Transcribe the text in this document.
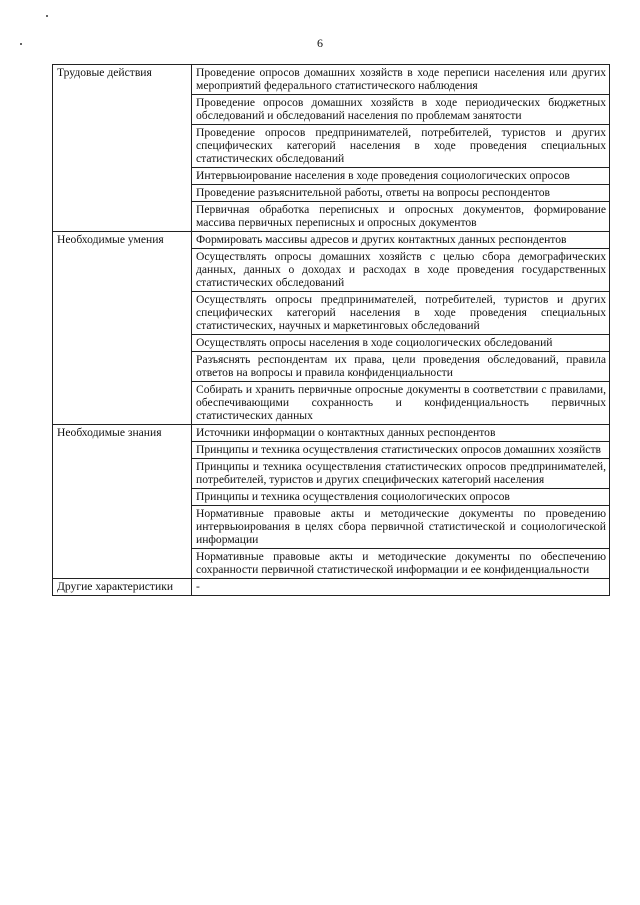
6
Трудовые действия	Проведение опросов домашних хозяйств в ходе переписи населения или других мероприятий федерального статистического наблюдения

	Проведение опросов домашних хозяйств в ходе периодических бюджетных обследований и обследований населения по проблемам занятости

	Проведение опросов предпринимателей, потребителей, туристов и других специфических категорий населения в ходе проведения специальных статистических обследований

	Интервьюирование населения в ходе проведения социологических опросов

	Проведение разъяснительной работы, ответы на вопросы респондентов

	Первичная обработка переписных и опросных документов, формирование массива первичных переписных и опросных документов

Необходимые умения	Формировать массивы адресов и других контактных данных респондентов

	Осуществлять опросы домашних хозяйств с целью сбора демографических данных, данных о доходах и расходах в ходе проведения государственных статистических обследований

	Осуществлять опросы предпринимателей, потребителей, туристов и других специфических категорий населения в ходе проведения специальных статистических, научных и маркетинговых обследований

	Осуществлять опросы населения в ходе социологических обследований

	Разъяснять респондентам их права, цели проведения обследований, правила ответов на вопросы и правила конфиденциальности

	Собирать и хранить первичные опросные документы в соответствии с правилами, обеспечивающими сохранность и конфиденциальность первичных статистических данных

Необходимые знания	Источники информации о контактных данных респондентов

	Принципы и техника осуществления статистических опросов домашних хозяйств

	Принципы и техника осуществления статистических опросов предпринимателей, потребителей, туристов и других специфических категорий населения

	Принципы и техника осуществления социологических опросов

	Нормативные правовые акты и методические документы по проведению интервьюирования в целях сбора первичной статистической и социологической информации

	Нормативные правовые акты и методические документы по обеспечению сохранности первичной статистической информации и ее конфиденциальности

Другие характеристики	-
